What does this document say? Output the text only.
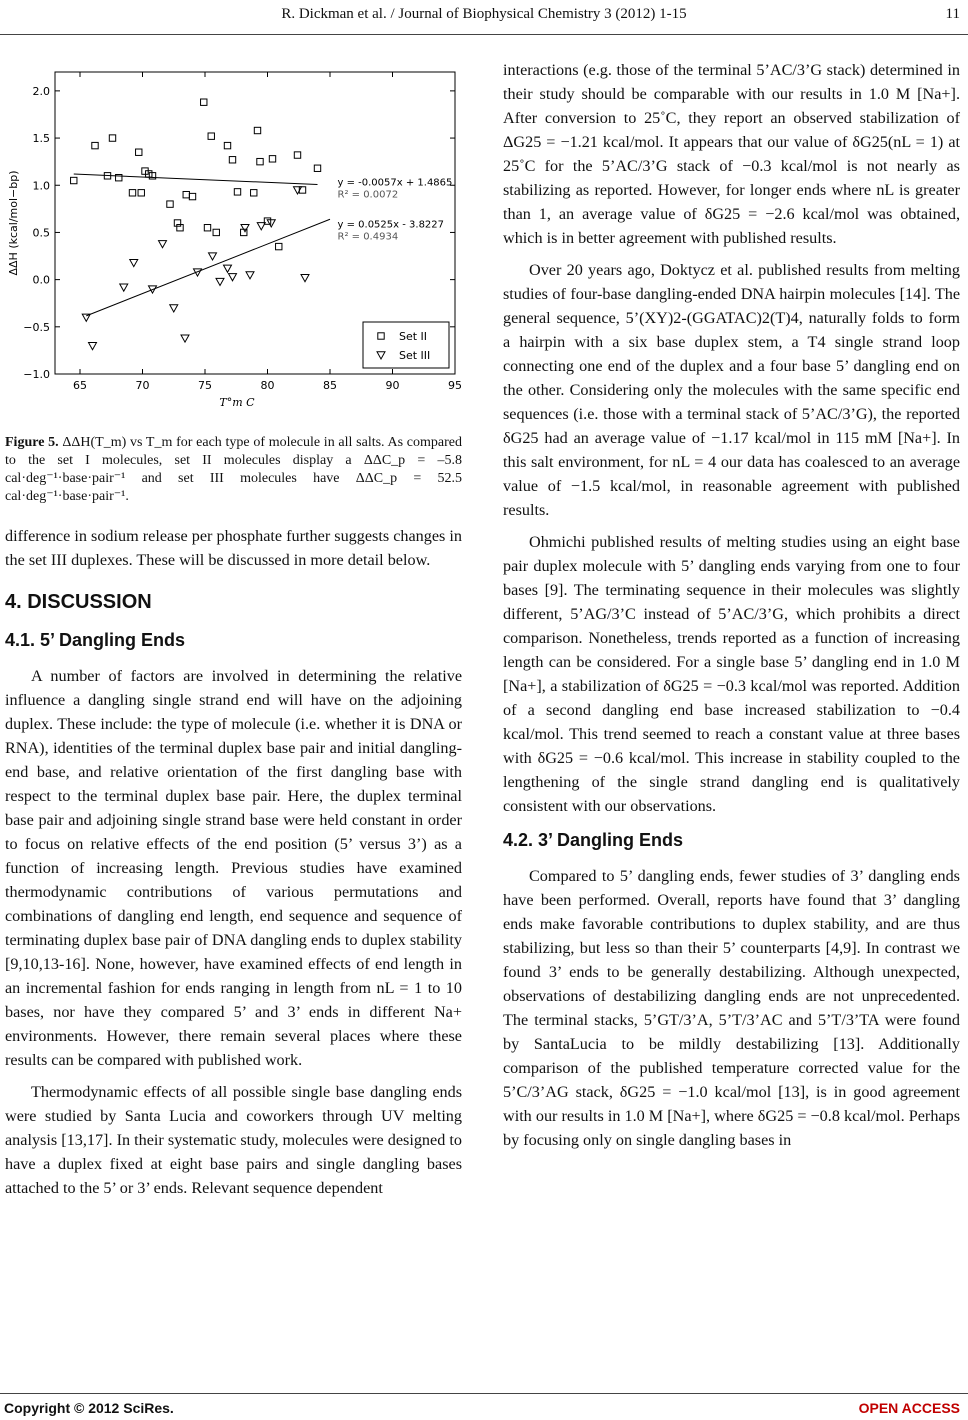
R. Dickman et al. / Journal of Biophysical Chemistry 3 (2012) 1-15	11
65	70	75	80	85	90	95
−1.0
−0.5
0.0
0.5
1.0
1.5
2.0
T°m C
ΔΔH (kcal/mol−bp)	y = -0.0057x + 1.4865
R² = 0.0072
y = 0.0525x - 3.8227
R² = 0.4934
Set II
Set III
Figure 5. ΔΔH(T_m) vs T_m for each type of molecule in all salts. As compared to the set I molecules, set II molecules display a ΔΔC_p = –5.8 cal·deg⁻¹·base·pair⁻¹ and set III molecules have ΔΔC_p = 52.5 cal·deg⁻¹·base·pair⁻¹.

difference in sodium release per phosphate further suggests changes in the set III duplexes. These will be discussed in more detail below.

4. DISCUSSION
4.1. 5’ Dangling Ends

A number of factors are involved in determining the relative influence a dangling single strand end will have on the adjoining duplex. These include: the type of molecule (i.e. whether it is DNA or RNA), identities of the terminal duplex base pair and initial dangling-end base, and relative orientation of the first dangling base with respect to the terminal duplex base pair. Here, the duplex terminal base pair and adjoining single strand base were held constant in order to focus on relative effects of the end position (5’ versus 3’) as a function of increasing length. Previous studies have examined thermodynamic contributions of various permutations and combinations of dangling end length, end sequence and sequence of terminating duplex base pair of DNA dangling ends to duplex stability [9,10,13-16]. None, however, have examined effects of end length in an incremental fashion for ends ranging in length from nL = 1 to 10 bases, nor have they compared 5’ and 3’ ends in different Na+ environments. However, there remain several places where these results can be compared with published work.

Thermodynamic effects of all possible single base dangling ends were studied by Santa Lucia and coworkers through UV melting analysis [13,17]. In their systematic study, molecules were designed to have a duplex fixed at eight base pairs and single dangling bases attached to the 5’ or 3’ ends. Relevant sequence dependent

interactions (e.g. those of the terminal 5’AC/3’G stack) determined in their study should be comparable with our results in 1.0 M [Na+]. After conversion to 25˚C, they report an observed stabilization of ΔG25 = −1.21 kcal/mol. It appears that our value of δG25(nL = 1) at 25˚C for the 5’AC/3’G stack of −0.3 kcal/mol is not nearly as stabilizing as reported. However, for longer ends where nL is greater than 1, an average value of δG25 = −2.6 kcal/mol was obtained, which is in better agreement with published results.

Over 20 years ago, Doktycz et al. published results from melting studies of four-base dangling-ended DNA hairpin molecules [14]. The general sequence, 5’(XY)2-(GGATAC)2(T)4, naturally folds to form a hairpin with a six base duplex stem, a T4 single strand loop connecting one end of the duplex and a four base 5’ dangling end on the other. Considering only the molecules with the same specific end sequences (i.e. those with a terminal stack of 5’AC/3’G), the reported δG25 had an average value of −1.17 kcal/mol in 115 mM [Na+]. In this salt environment, for nL = 4 our data has coalesced to an average value of −1.5 kcal/mol, in reasonable agreement with published results.

Ohmichi published results of melting studies using an eight base pair duplex molecule with 5’ dangling ends varying from one to four bases [9]. The terminating sequence in their molecules was slightly different, 5’AG/3’C instead of 5’AC/3’G, which prohibits a direct comparison. Nonetheless, trends reported as a function of increasing length can be considered. For a single base 5’ dangling end in 1.0 M [Na+], a stabilization of δG25 = −0.3 kcal/mol was reported. Addition of a second dangling end base increased stabilization to −0.4 kcal/mol. This trend seemed to reach a constant value at three bases with δG25 = −0.6 kcal/mol. This increase in stability coupled to the lengthening of the single strand dangling end is qualitatively consistent with our observations.

4.2. 3’ Dangling Ends

Compared to 5’ dangling ends, fewer studies of 3’ dangling ends have been performed. Overall, reports have found that 3’ dangling ends make favorable contributions to duplex stability, and are thus stabilizing, but less so than their 5’ counterparts [4,9]. In contrast we found 3’ ends to be generally destabilizing. Although unexpected, observations of destabilizing dangling ends are not unprecedented. The terminal stacks, 5’GT/3’A, 5’T/3’AC and 5’T/3’TA were found by SantaLucia to be mildly destabilizing [13]. Additionally comparison of the published temperature corrected value for the 5’C/3’AG stack, δG25 = −1.0 kcal/mol [13], is in good agreement with our results in 1.0 M [Na+], where δG25 = −0.8 kcal/mol. Perhaps by focusing only on single dangling bases in

Copyright © 2012 SciRes.	OPEN ACCESS
